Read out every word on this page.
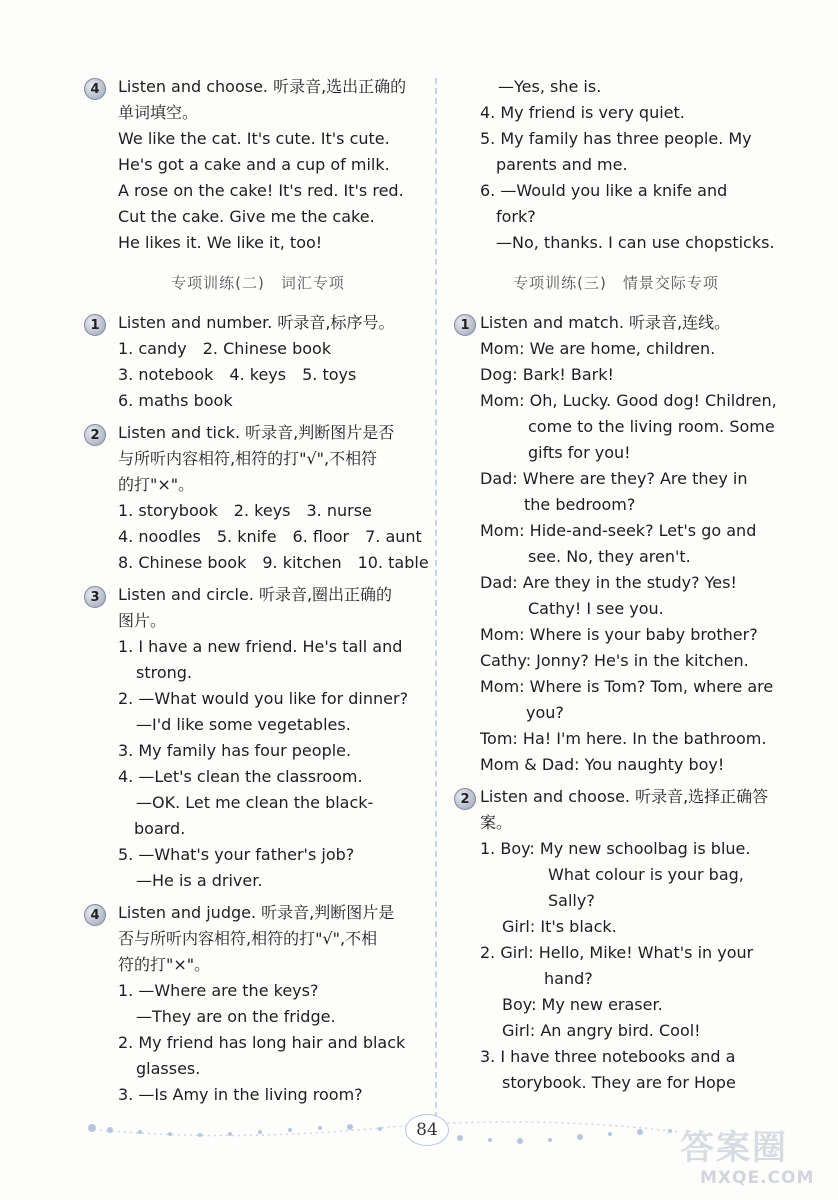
4	Listen and choose. 听录音,选出正确的
单词填空。
We like the cat. It's cute. It's cute.
He's got a cake and a cup of milk.
A rose on the cake! It's red. It's red.
Cut the cake. Give me the cake.
He likes it. We like it, too!
专项训练(二)　词汇专项
1	Listen and number. 听录音,标序号。
1. candy　2. Chinese book
3. notebook　4. keys　5. toys
6. maths book
2	Listen and tick. 听录音,判断图片是否
与所听内容相符,相符的打"√",不相符
的打"×"。
1. storybook　2. keys　3. nurse
4. noodles　5. knife　6. floor　7. aunt
8. Chinese book　9. kitchen　10. table
3	Listen and circle. 听录音,圈出正确的
图片。
1. I have a new friend. He's tall and
strong.
2. —What would you like for dinner?
—I'd like some vegetables.
3. My family has four people.
4. —Let's clean the classroom.
—OK. Let me clean the black-
board.
5. —What's your father's job?
—He is a driver.
4	Listen and judge. 听录音,判断图片是
否与所听内容相符,相符的打"√",不相
符的打"×"。
1. —Where are the keys?
—They are on the fridge.
2. My friend has long hair and black
glasses.
3. —Is Amy in the living room?
—Yes, she is.
4. My friend is very quiet.
5. My family has three people. My
parents and me.
6. —Would you like a knife and
fork?
—No, thanks. I can use chopsticks.
专项训练(三)　情景交际专项
1 Listen and match. 听录音,连线。
Mom: We are home, children.
Dog: Bark! Bark!
Mom: Oh, Lucky. Good dog! Children,
come to the living room. Some
gifts for you!
Dad: Where are they? Are they in
the bedroom?
Mom: Hide-and-seek? Let's go and
see. No, they aren't.
Dad: Are they in the study? Yes!
Cathy! I see you.
Mom: Where is your baby brother?
Cathy: Jonny? He's in the kitchen.
Mom: Where is Tom? Tom, where are
you?
Tom: Ha! I'm here. In the bathroom.
Mom & Dad: You naughty boy!
2 Listen and choose. 听录音,选择正确答
案。
1. Boy: My new schoolbag is blue.
What colour is your bag,
Sally?
Girl: It's black.
2. Girl: Hello, Mike! What's in your
hand?
Boy: My new eraser.
Girl: An angry bird. Cool!
3. I have three notebooks and a
storybook. They are for Hope
84	答案圈
MXQE.COM
